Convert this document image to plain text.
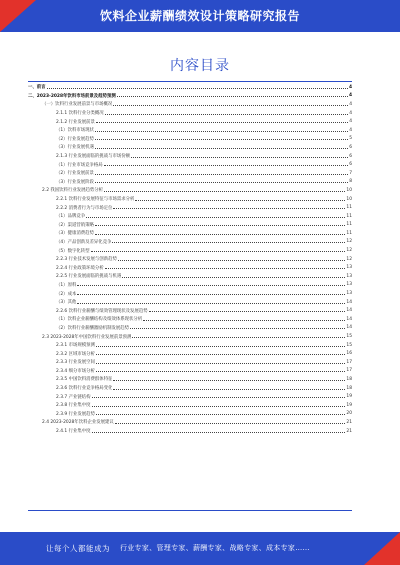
饮料企业薪酬绩效设计策略研究报告
内容目录
一、前言	4
二、2023-2028年饮料市场前景及趋势预测	4
（一）饮料行业发展前景与市场概况	4
2.1.1 饮料行业分类概况	4
2.1.2 行业发展前景	4
（1）饮料市场现状	4
（2）行业发展趋势	5
（3）行业发展机遇	6
2.1.3 行业发展面临的挑战与市场份额	6
（1）行业市场竞争格局	6
（2）行业发展前景	7
（3）行业发展阶段	8
2.2 我国饮料行业发展趋势分析	10
2.2.1 饮料行业发展特征与市场需求分析	10
2.2.2 消费者行为与市场定位	11
（1）品牌竞争	11
（2）渠道营销策略	11
（3）健康消费趋势	11
（4）产品创新及差异化竞争	12
（5）数字化转型	12
2.2.3 行业技术发展与创新趋势	12
2.2.4 行业政策环境分析	13
2.2.5 行业发展面临的挑战与机遇	13
（1）原料	13
（2）成本	13
（3）其他	14
2.2.6 饮料行业薪酬与绩效管理现状及发展趋势	14
（1）饮料企业薪酬结构及绩效体系现状分析	14
（2）饮料行业薪酬激励机制发展趋势	14
2.3 2023-2028年中国饮料行业发展前景预测	15
2.3.1 市场规模预测	15
2.3.2 区域市场分析	16
2.3.3 行业发展空间	17
2.3.4 细分市场分析	17
2.3.5 中国饮料消费群体特征	18
2.3.6 饮料行业竞争格局变化	18
2.3.7 产业链结构	19
2.3.8 行业集中度	19
2.3.9 行业发展趋势	20
2.4 2023-2028年饮料企业发展建议	21
2.4.1 行业集中度	21
让每个人都能成为 行业专家、管理专家、薪酬专家、战略专家、成本专家……
